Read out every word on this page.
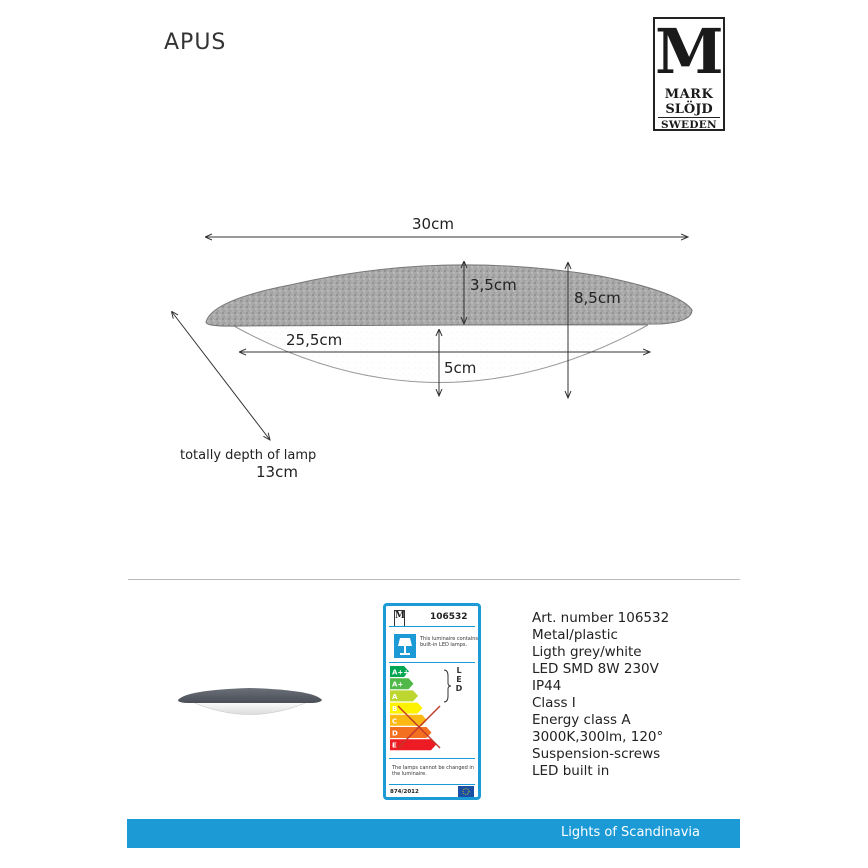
APUS	M
MARK
SLÖJD
SWEDEN
30cm
3,5cm
8,5cm
25,5cm
5cm
totally depth of lamp
13cm
M	106532
This luminaire contains built-in LED lamps.
A++
A+
A
B
C
D
E
L
E
D
The lamps cannot be changed in the luminaire.
874/2012
Art. number 106532
Metal/plastic
Ligth grey/white
LED SMD 8W 230V
IP44
Class I
Energy class A
3000K,300lm, 120°
Suspension-screws
LED built in
Lights of Scandinavia
